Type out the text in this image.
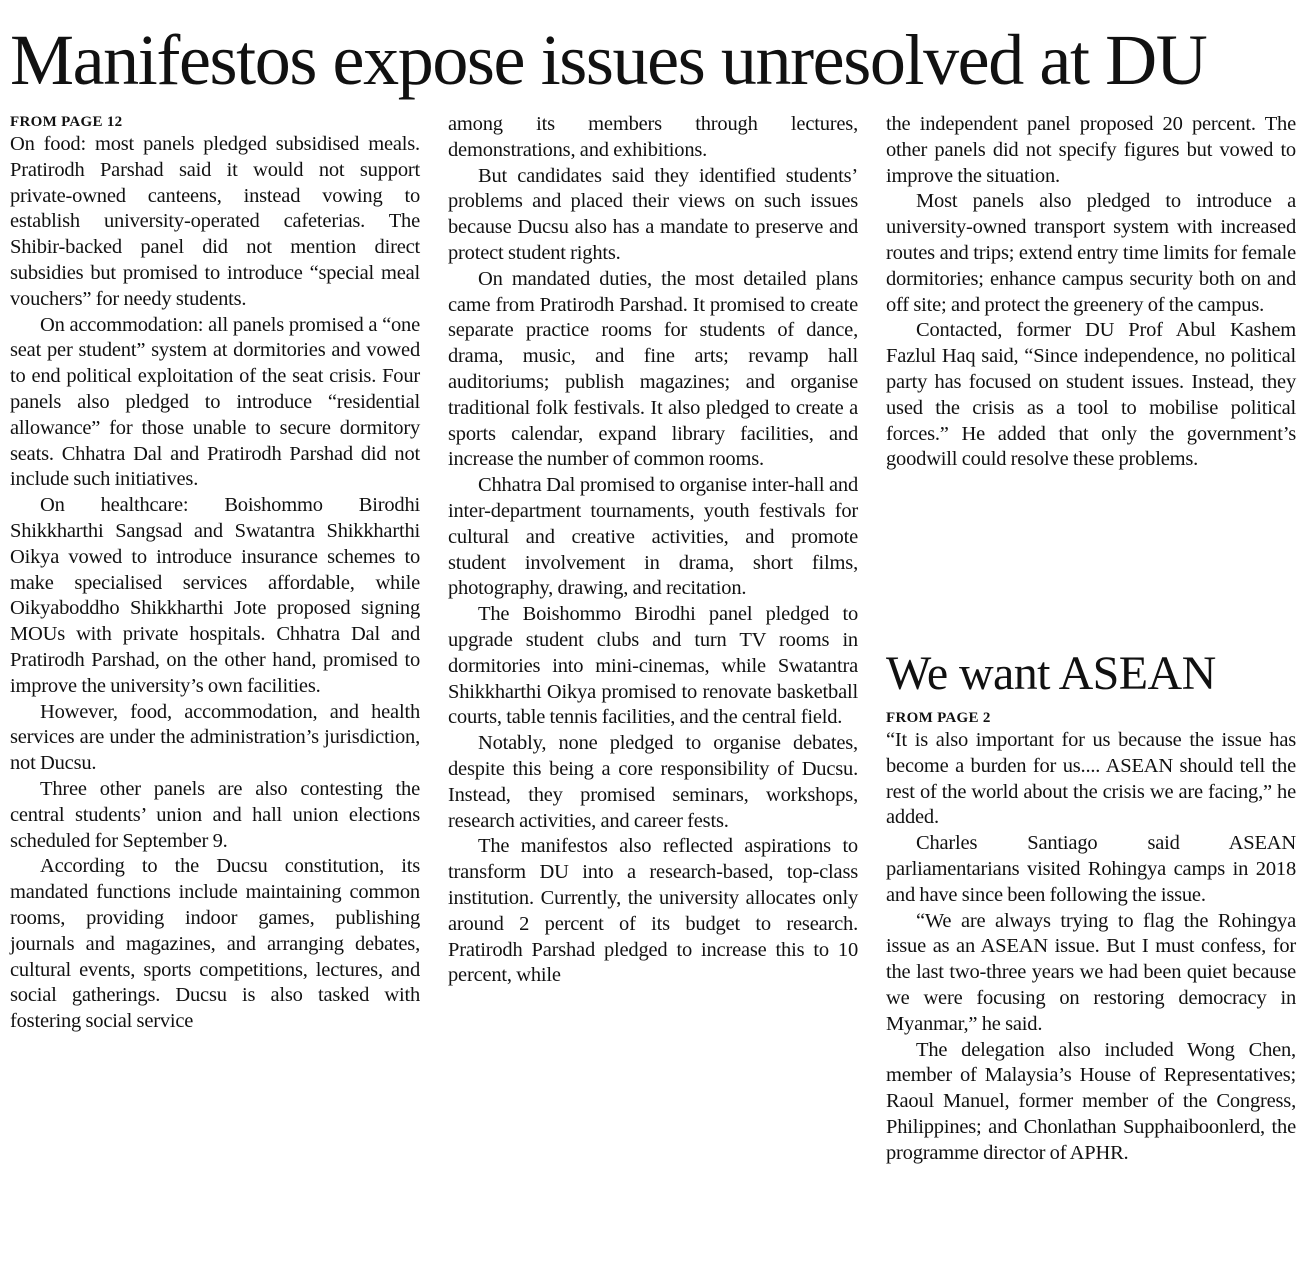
Manifestos expose issues unresolved at DU
FROM PAGE 12

On food: most panels pledged subsidised meals. Pratirodh Parshad said it would not support private-owned canteens, instead vowing to establish university-operated cafeterias. The Shibir-backed panel did not mention direct subsidies but promised to introduce “special meal vouchers” for needy students.

On accommodation: all panels promised a “one seat per student” system at dormitories and vowed to end political exploitation of the seat crisis. Four panels also pledged to introduce “residential allowance” for those unable to secure dormitory seats. Chhatra Dal and Pratirodh Parshad did not include such initiatives.

On healthcare: Boishommo Birodhi Shikkharthi Sangsad and Swatantra Shikkharthi Oikya vowed to introduce insurance schemes to make specialised services affordable, while Oikyaboddho Shikkharthi Jote proposed signing MOUs with private hospitals. Chhatra Dal and Pratirodh Parshad, on the other hand, promised to improve the university’s own facilities.

However, food, accommodation, and health services are under the administration’s jurisdiction, not Ducsu.

Three other panels are also contesting the central students’ union and hall union elections scheduled for September 9.

According to the Ducsu constitution, its mandated functions include maintaining common rooms, providing indoor games, publishing journals and magazines, and arranging debates, cultural events, sports competitions, lectures, and social gatherings. Ducsu is also tasked with fostering social service

among its members through lectures, demonstrations, and exhibitions.

But candidates said they identified students’ problems and placed their views on such issues because Ducsu also has a mandate to preserve and protect student rights.

On mandated duties, the most detailed plans came from Pratirodh Parshad. It promised to create separate practice rooms for students of dance, drama, music, and fine arts; revamp hall auditoriums; publish magazines; and organise traditional folk festivals. It also pledged to create a sports calendar, expand library facilities, and increase the number of common rooms.

Chhatra Dal promised to organise inter-hall and inter-department tournaments, youth festivals for cultural and creative activities, and promote student involvement in drama, short films, photography, drawing, and recitation.

The Boishommo Birodhi panel pledged to upgrade student clubs and turn TV rooms in dormitories into mini-cinemas, while Swatantra Shikkharthi Oikya promised to renovate basketball courts, table tennis facilities, and the central field.

Notably, none pledged to organise debates, despite this being a core responsibility of Ducsu. Instead, they promised seminars, workshops, research activities, and career fests.

The manifestos also reflected aspirations to transform DU into a research-based, top-class institution. Currently, the university allocates only around 2 percent of its budget to research. Pratirodh Parshad pledged to increase this to 10 percent, while

the independent panel proposed 20 percent. The other panels did not specify figures but vowed to improve the situation.

Most panels also pledged to introduce a university-owned transport system with increased routes and trips; extend entry time limits for female dormitories; enhance campus security both on and off site; and protect the greenery of the campus.

Contacted, former DU Prof Abul Kashem Fazlul Haq said, “Since independence, no political party has focused on student issues. Instead, they used the crisis as a tool to mobilise political forces.” He added that only the government’s goodwill could resolve these problems.

We want ASEAN
FROM PAGE 2

“It is also important for us because the issue has become a burden for us.... ASEAN should tell the rest of the world about the crisis we are facing,” he added.

Charles Santiago said ASEAN parliamentarians visited Rohingya camps in 2018 and have since been following the issue.

“We are always trying to flag the Rohingya issue as an ASEAN issue. But I must confess, for the last two-three years we had been quiet because we were focusing on restoring democracy in Myanmar,” he said.

The delegation also included Wong Chen, member of Malaysia’s House of Representatives; Raoul Manuel, former member of the Congress, Philippines; and Chonlathan Supphaiboonlerd, the programme director of APHR.
